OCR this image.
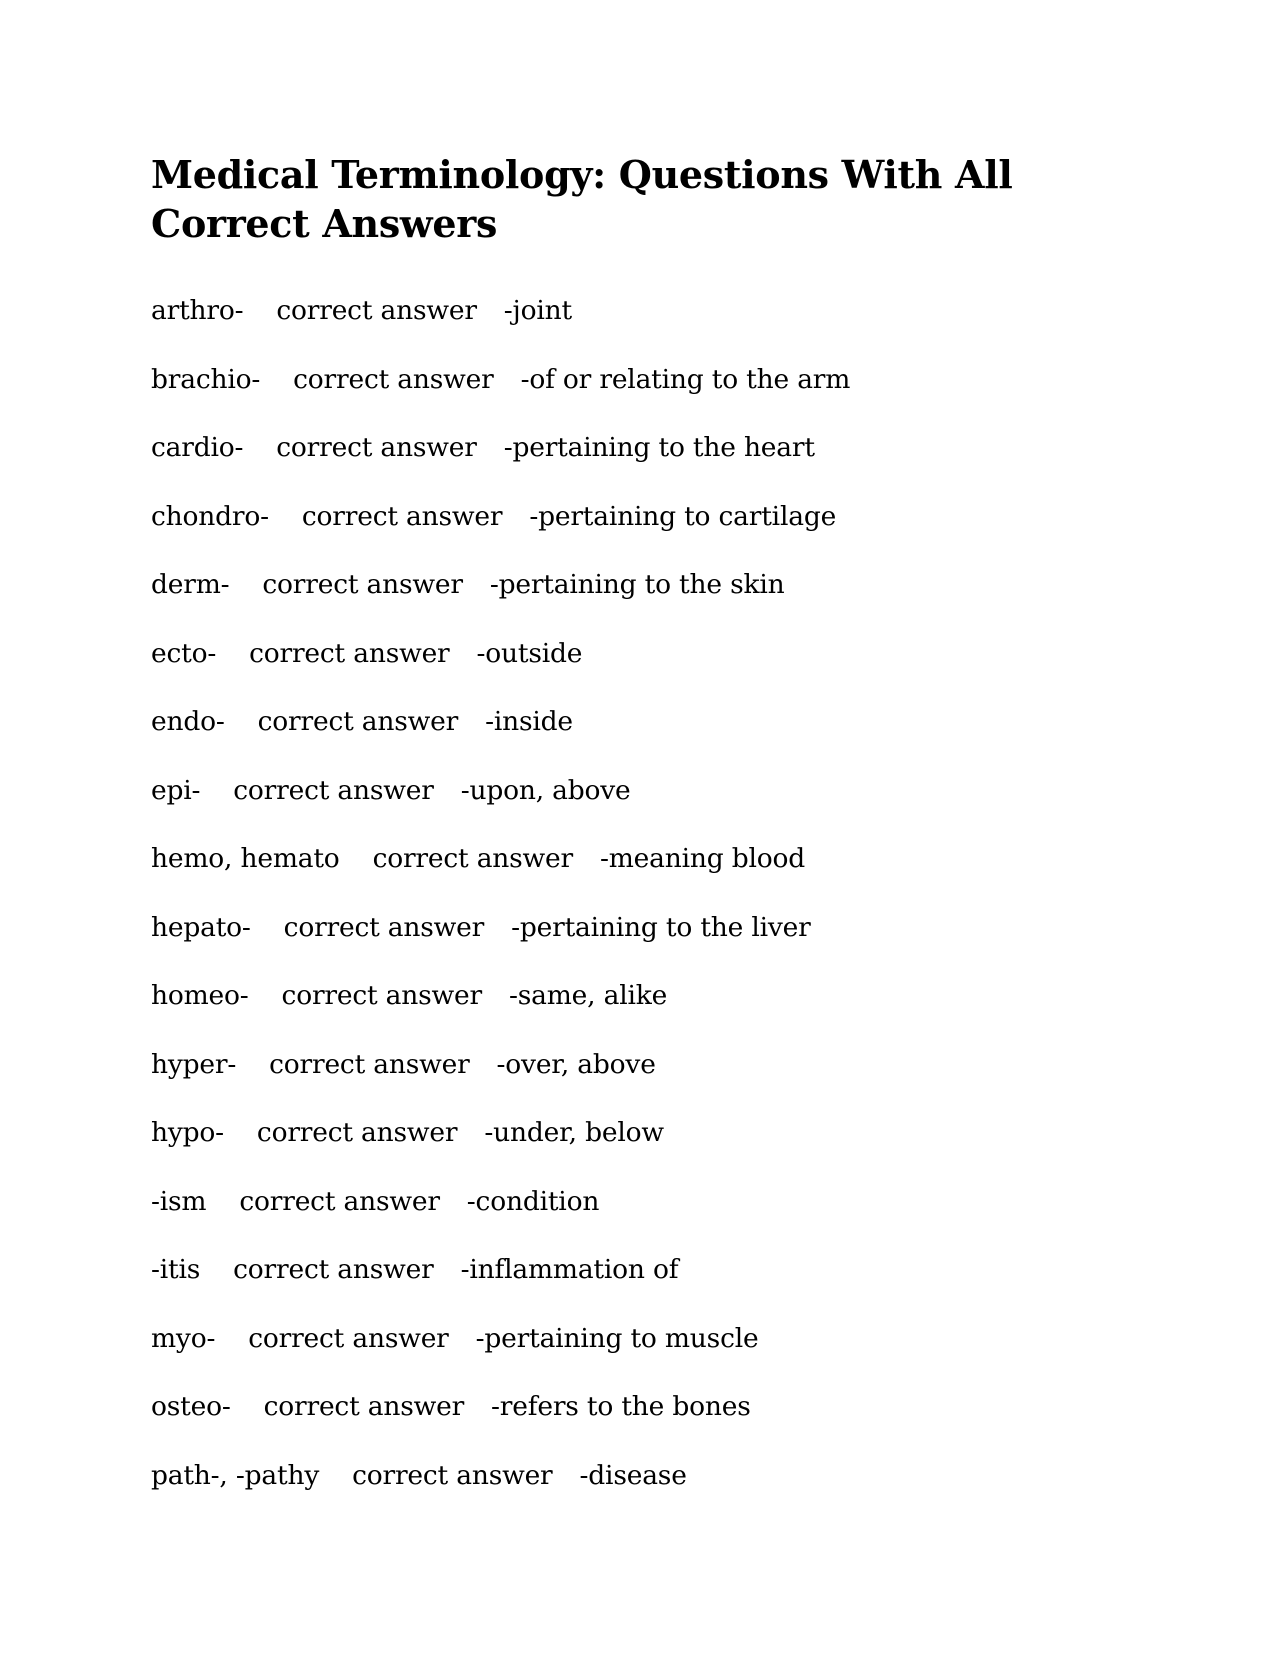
Medical Terminology: Questions With All Correct Answers
arthro- correct answer -joint
brachio- correct answer -of or relating to the arm
cardio- correct answer -pertaining to the heart
chondro- correct answer -pertaining to cartilage
derm- correct answer -pertaining to the skin
ecto- correct answer -outside
endo- correct answer -inside
epi- correct answer -upon, above
hemo, hemato correct answer -meaning blood
hepato- correct answer -pertaining to the liver
homeo- correct answer -same, alike
hyper- correct answer -over, above
hypo- correct answer -under, below
-ism correct answer -condition
-itis correct answer -inflammation of
myo- correct answer -pertaining to muscle
osteo- correct answer -refers to the bones
path-, -pathy correct answer -disease
